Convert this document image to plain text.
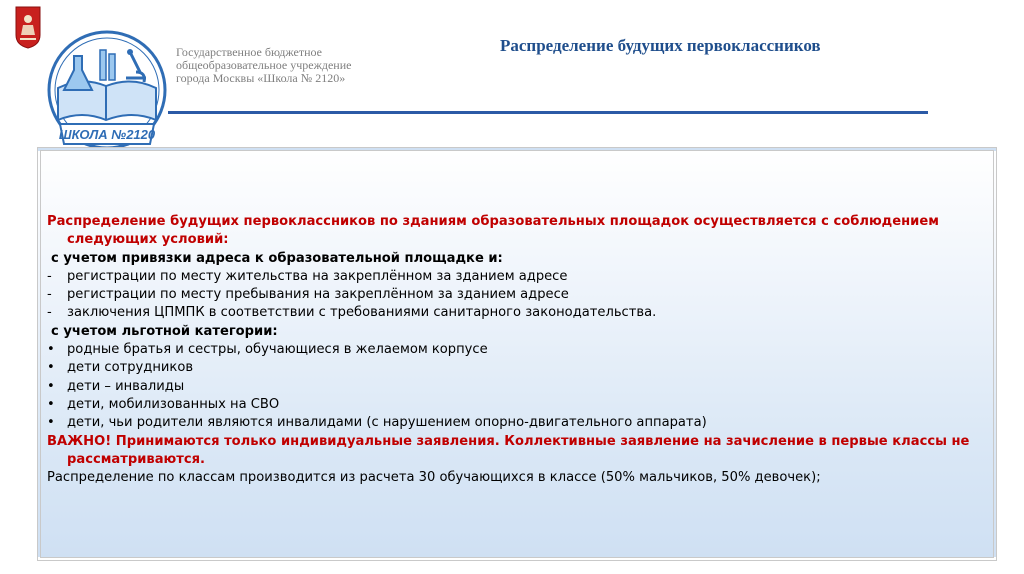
ШКОЛА №2120

Государственное бюджетное
общеобразовательное учреждение
города Москвы «Школа № 2120»

Распределение будущих первоклассников

Распределение будущих первоклассников по зданиям образовательных площадок осуществляется с соблюдением следующих условий:

с учетом привязки адреса к образовательной площадке и:

-	регистрации по месту жительства на закреплённом за зданием адресе

-	регистрации по месту пребывания на закреплённом за зданием адресе

-	заключения ЦПМПК в соответствии с требованиями санитарного законодательства.

с учетом льготной категории:

• родные братья и сестры, обучающиеся в желаемом корпусе

• дети сотрудников

• дети – инвалиды

• дети, мобилизованных на СВО

• дети, чьи родители являются инвалидами (с нарушением опорно-двигательного аппарата)

ВАЖНО! Принимаются только индивидуальные заявления. Коллективные заявление на зачисление в первые классы не рассматриваются.

Распределение по классам производится из расчета 30 обучающихся в классе (50% мальчиков, 50% девочек);
